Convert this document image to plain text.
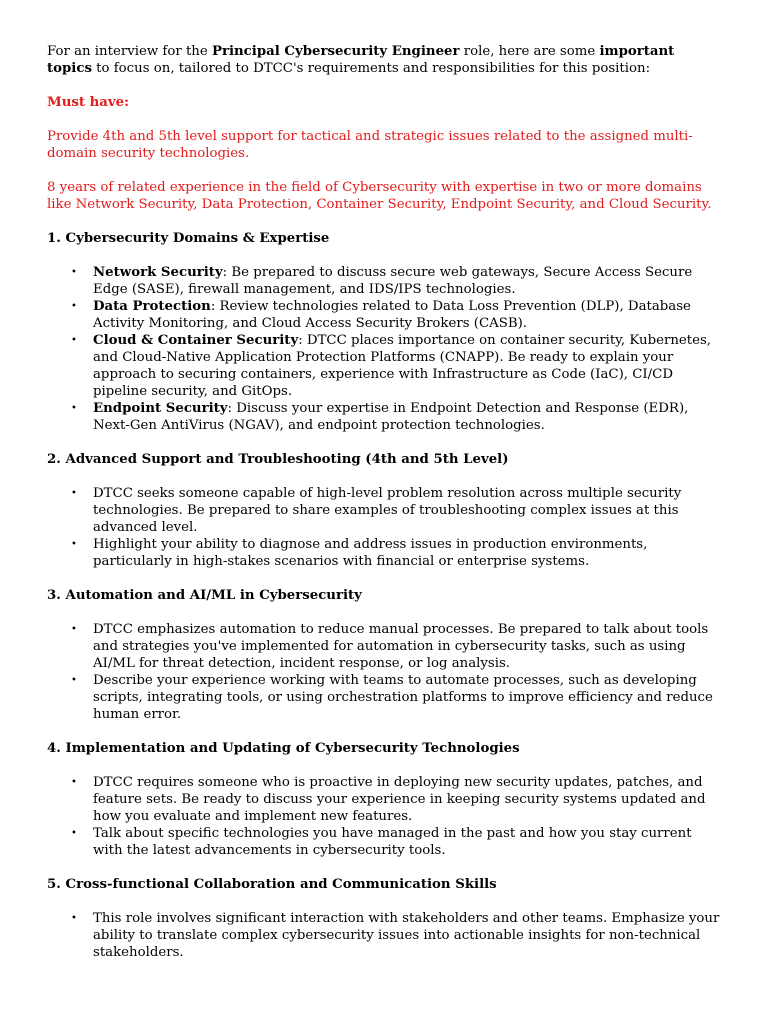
For an interview for the Principal Cybersecurity Engineer role, here are some important topics to focus on, tailored to DTCC's requirements and responsibilities for this position:

Must have:

Provide 4th and 5th level support for tactical and strategic issues related to the assigned multi-domain security technologies.

8 years of related experience in the field of Cybersecurity with expertise in two or more domains like Network Security, Data Protection, Container Security, Endpoint Security, and Cloud Security.

1. Cybersecurity Domains & Expertise
• Network Security: Be prepared to discuss secure web gateways, Secure Access Secure Edge (SASE), firewall management, and IDS/IPS technologies.
• Data Protection: Review technologies related to Data Loss Prevention (DLP), Database Activity Monitoring, and Cloud Access Security Brokers (CASB).
• Cloud & Container Security: DTCC places importance on container security, Kubernetes, and Cloud-Native Application Protection Platforms (CNAPP). Be ready to explain your approach to securing containers, experience with Infrastructure as Code (IaC), CI/CD pipeline security, and GitOps.
• Endpoint Security: Discuss your expertise in Endpoint Detection and Response (EDR), Next-Gen AntiVirus (NGAV), and endpoint protection technologies.
2. Advanced Support and Troubleshooting (4th and 5th Level)
• DTCC seeks someone capable of high-level problem resolution across multiple security technologies. Be prepared to share examples of troubleshooting complex issues at this advanced level.
• Highlight your ability to diagnose and address issues in production environments, particularly in high-stakes scenarios with financial or enterprise systems.
3. Automation and AI/ML in Cybersecurity
• DTCC emphasizes automation to reduce manual processes. Be prepared to talk about tools and strategies you've implemented for automation in cybersecurity tasks, such as using AI/ML for threat detection, incident response, or log analysis.
• Describe your experience working with teams to automate processes, such as developing scripts, integrating tools, or using orchestration platforms to improve efficiency and reduce human error.
4. Implementation and Updating of Cybersecurity Technologies
• DTCC requires someone who is proactive in deploying new security updates, patches, and feature sets. Be ready to discuss your experience in keeping security systems updated and how you evaluate and implement new features.
• Talk about specific technologies you have managed in the past and how you stay current with the latest advancements in cybersecurity tools.
5. Cross-functional Collaboration and Communication Skills
• This role involves significant interaction with stakeholders and other teams. Emphasize your ability to translate complex cybersecurity issues into actionable insights for non-technical stakeholders.
